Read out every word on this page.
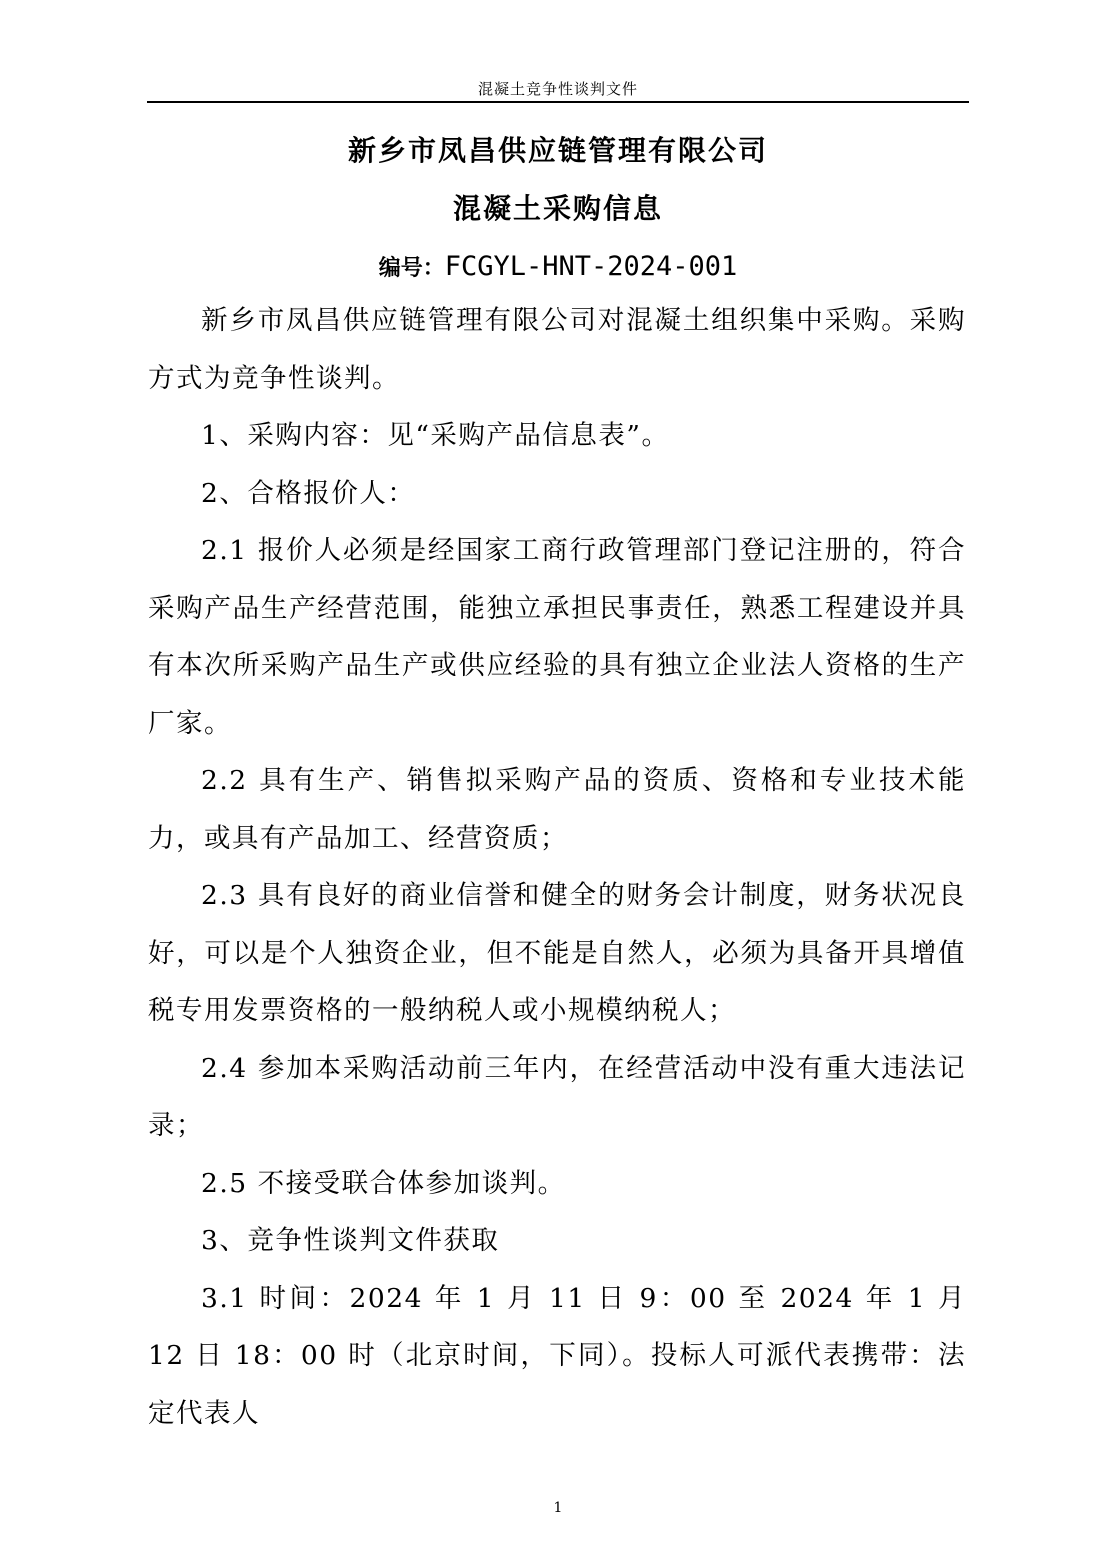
混凝土竞争性谈判文件
新乡市凤昌供应链管理有限公司
混凝土采购信息
编号：FCGYL-HNT-2024-001

新乡市凤昌供应链管理有限公司对混凝土组织集中采购。采购方式为竞争性谈判。

1、采购内容：见“采购产品信息表”。

2、合格报价人：

2.1 报价人必须是经国家工商行政管理部门登记注册的，符合采购产品生产经营范围，能独立承担民事责任，熟悉工程建设并具有本次所采购产品生产或供应经验的具有独立企业法人资格的生产厂家。

2.2 具有生产、销售拟采购产品的资质、资格和专业技术能力，或具有产品加工、经营资质；

2.3 具有良好的商业信誉和健全的财务会计制度，财务状况良好，可以是个人独资企业，但不能是自然人，必须为具备开具增值税专用发票资格的一般纳税人或小规模纳税人；

2.4 参加本采购活动前三年内，在经营活动中没有重大违法记录；

2.5 不接受联合体参加谈判。

3、竞争性谈判文件获取

3.1 时间：2024 年 1 月 11 日 9：00 至 2024 年 1 月 12 日 18：00 时（北京时间，下同）。投标人可派代表携带：法定代表人

1
